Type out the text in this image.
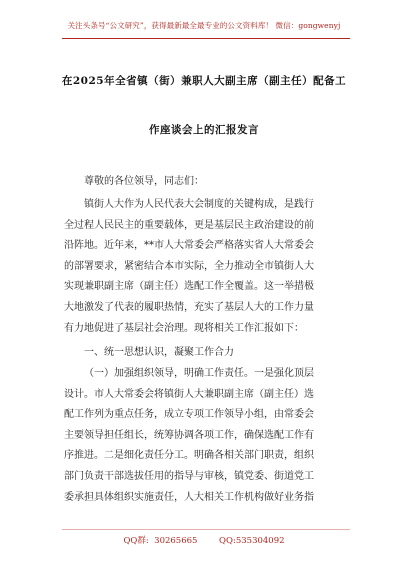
关注头条号“公文研究”，获得最新最全最专业的公文资料库！ 微信：gongwenyj
在2025年全省镇（街）兼职人大副主席（副主任）配备工
作座谈会上的汇报发言
尊敬的各位领导，同志们：
镇街人大作为人民代表大会制度的关键构成，是践行
全过程人民民主的重要载体，更是基层民主政治建设的前
沿阵地。近年来，**市人大常委会严格落实省人大常委会
的部署要求，紧密结合本市实际，全力推动全市镇街人大
实现兼职副主席（副主任）选配工作全覆盖。这一举措极
大地激发了代表的履职热情，充实了基层人大的工作力量
有力地促进了基层社会治理。现将相关工作汇报如下：
一、统一思想认识，凝聚工作合力
（一）加强组织领导，明确工作责任。一是强化顶层
设计。市人大常委会将镇街人大兼职副主席（副主任）选
配工作列为重点任务，成立专项工作领导小组，由常委会
主要领导担任组长，统筹协调各项工作，确保选配工作有
序推进。二是细化责任分工。明确各相关部门职责，组织
部门负责干部选拔任用的指导与审核，镇党委、街道党工
委承担具体组织实施责任，人大相关工作机构做好业务指
QQ群:  30265665        QQ:535304092
